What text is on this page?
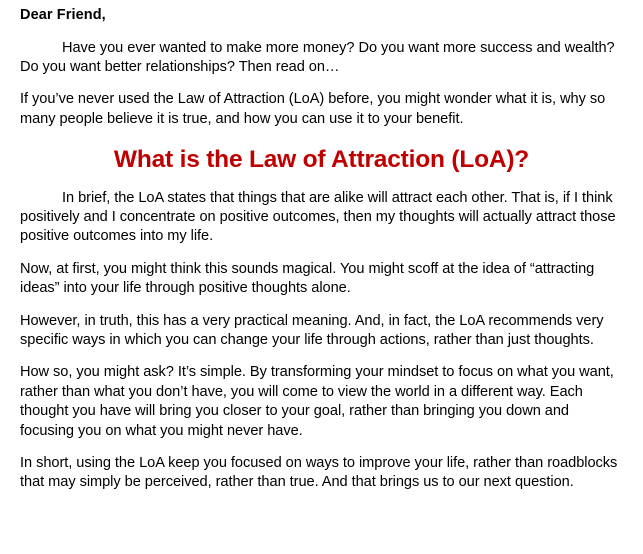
Dear Friend,

Have you ever wanted to make more money? Do you want more success and wealth? Do you want better relationships? Then read on…

If you’ve never used the Law of Attraction (LoA) before, you might wonder what it is, why so many people believe it is true, and how you can use it to your benefit.

What is the Law of Attraction (LoA)?

In brief, the LoA states that things that are alike will attract each other. That is, if I think positively and I concentrate on positive outcomes, then my thoughts will actually attract those positive outcomes into my life.

Now, at first, you might think this sounds magical. You might scoff at the idea of “attracting ideas” into your life through positive thoughts alone.

However, in truth, this has a very practical meaning. And, in fact, the LoA recommends very specific ways in which you can change your life through actions, rather than just thoughts.

How so, you might ask? It’s simple. By transforming your mindset to focus on what you want, rather than what you don’t have, you will come to view the world in a different way. Each thought you have will bring you closer to your goal, rather than bringing you down and focusing you on what you might never have.

In short, using the LoA keep you focused on ways to improve your life, rather than roadblocks that may simply be perceived, rather than true. And that brings us to our next question.
